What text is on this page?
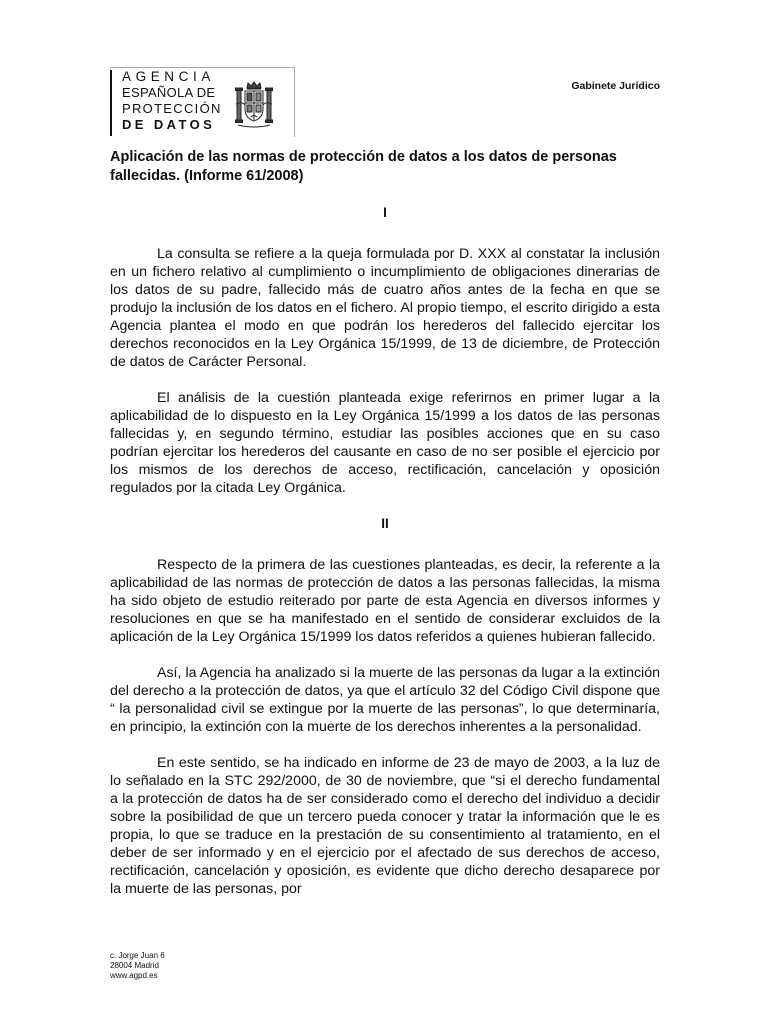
AGENCIA
ESPAÑOLA DE
PROTECCIÓN
DE DATOS
Gabinete Jurídico

Aplicación de las normas de protección de datos a los datos de personas fallecidas. (Informe 61/2008)

I

La consulta se refiere a la queja formulada por D. XXX al constatar la inclusión en un fichero relativo al cumplimiento o incumplimiento de obligaciones dinerarias de los datos de su padre, fallecido más de cuatro años antes de la fecha en que se produjo la inclusión de los datos en el fichero. Al propio tiempo, el escrito dirigido a esta Agencia plantea el modo en que podrán los herederos del fallecido ejercitar los derechos reconocidos en la Ley Orgánica 15/1999, de 13 de diciembre, de Protección de datos de Carácter Personal.

El análisis de la cuestión planteada exige referirnos en primer lugar a la aplicabilidad de lo dispuesto en la Ley Orgánica 15/1999 a los datos de las personas fallecidas y, en segundo término, estudiar las posibles acciones que en su caso podrían ejercitar los herederos del causante en caso de no ser posible el ejercicio por los mismos de los derechos de acceso, rectificación, cancelación y oposición regulados por la citada Ley Orgánica.

II

Respecto de la primera de las cuestiones planteadas, es decir, la referente a la aplicabilidad de las normas de protección de datos a las personas fallecidas, la misma ha sido objeto de estudio reiterado por parte de esta Agencia en diversos informes y resoluciones en que se ha manifestado en el sentido de considerar excluidos de la aplicación de la Ley Orgánica 15/1999 los datos referidos a quienes hubieran fallecido.

Así, la Agencia ha analizado si la muerte de las personas da lugar a la extinción del derecho a la protección de datos, ya que el artículo 32 del Código Civil dispone que “ la personalidad civil se extingue por la muerte de las personas”, lo que determinaría, en principio, la extinción con la muerte de los derechos inherentes a la personalidad.

En este sentido, se ha indicado en informe de 23 de mayo de 2003, a la luz de lo señalado en la STC 292/2000, de 30 de noviembre, que “si el derecho fundamental a la protección de datos ha de ser considerado como el derecho del individuo a decidir sobre la posibilidad de que un tercero pueda conocer y tratar la información que le es propia, lo que se traduce en la prestación de su consentimiento al tratamiento, en el deber de ser informado y en el ejercicio por el afectado de sus derechos de acceso, rectificación, cancelación y oposición, es evidente que dicho derecho desaparece por la muerte de las personas, por

c. Jorge Juan 6
28004 Madrid
www.agpd.es
